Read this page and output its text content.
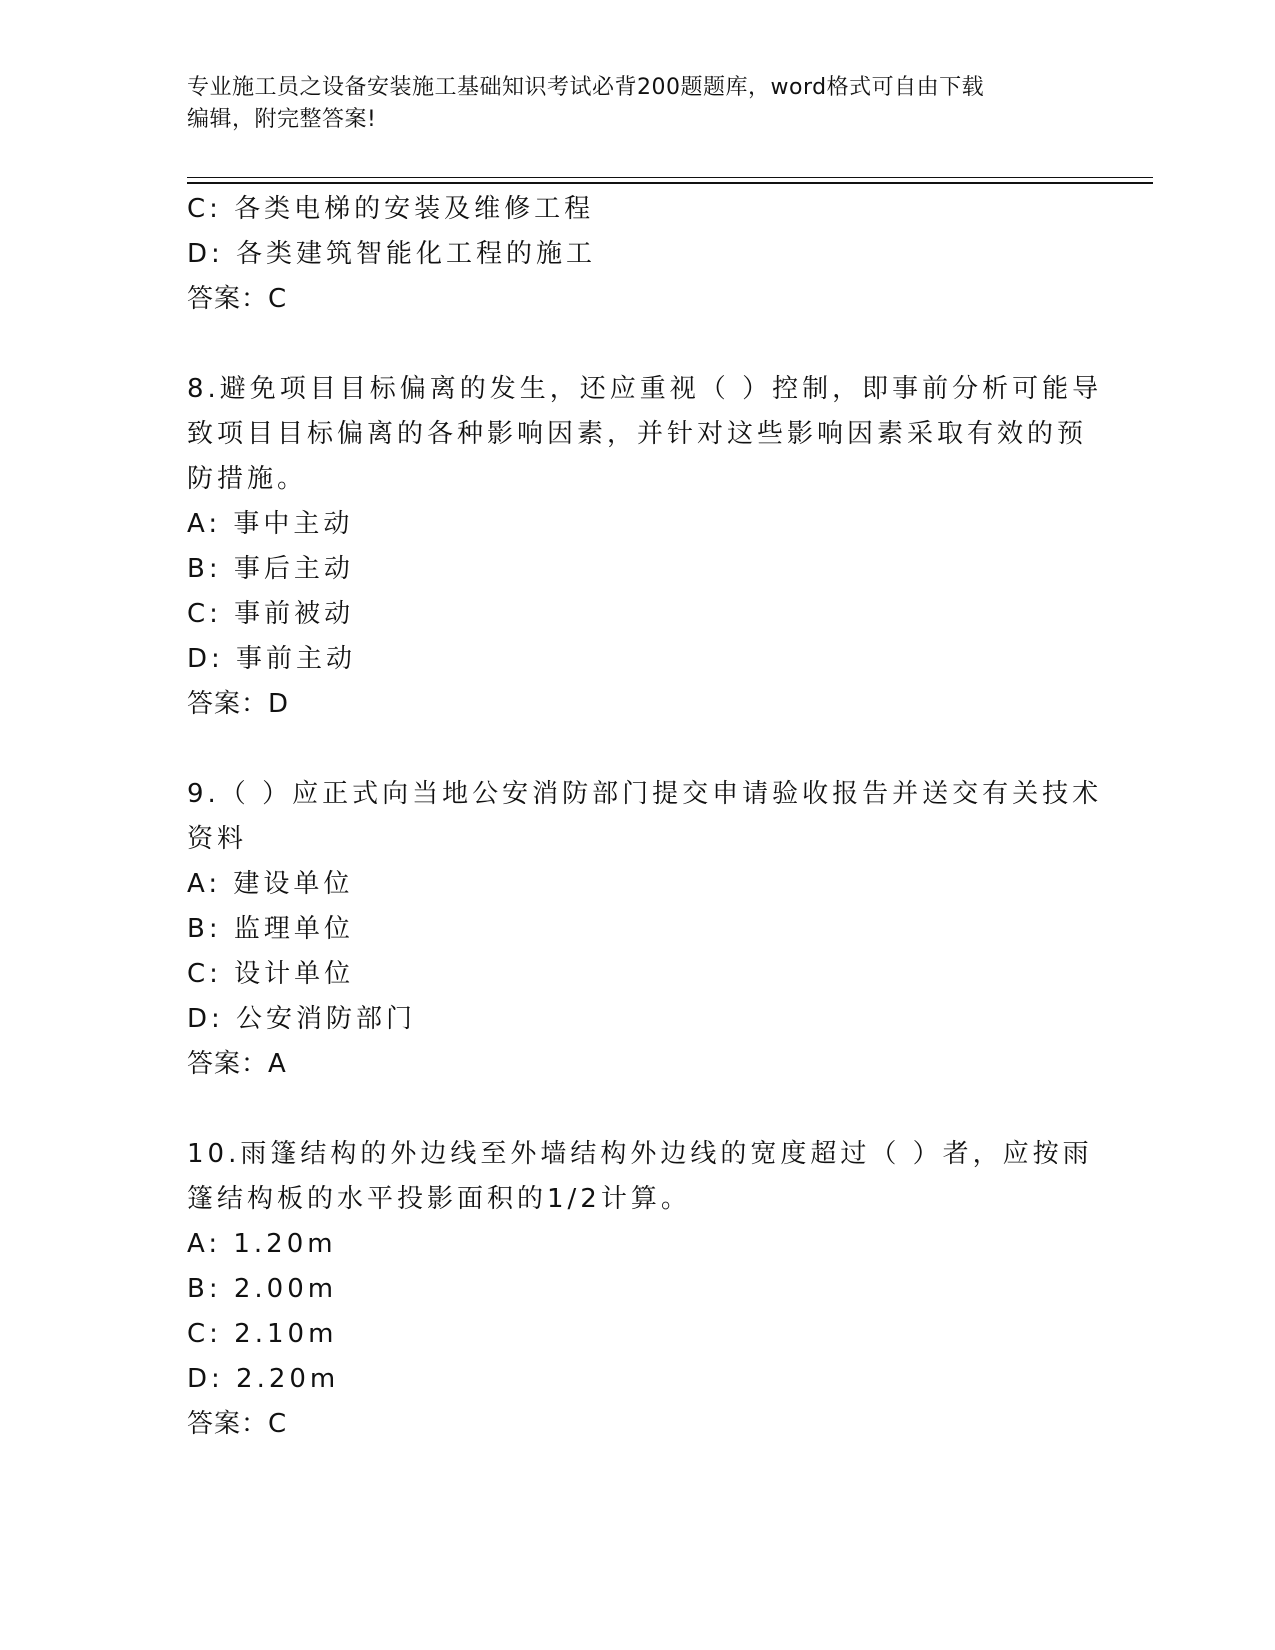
专业施工员之设备安装施工基础知识考试必背200题题库，word格式可自由下载
编辑，附完整答案!
C: 各类电梯的安装及维修工程
D: 各类建筑智能化工程的施工
答案：C
8.避免项目目标偏离的发生，还应重视（ ）控制，即事前分析可能导
致项目目标偏离的各种影响因素，并针对这些影响因素采取有效的预
防措施。
A: 事中主动
B: 事后主动
C: 事前被动
D: 事前主动
答案：D
9.（ ）应正式向当地公安消防部门提交申请验收报告并送交有关技术
资料
A: 建设单位
B: 监理单位
C: 设计单位
D: 公安消防部门
答案：A
10.雨篷结构的外边线至外墙结构外边线的宽度超过（ ）者，应按雨
篷结构板的水平投影面积的1/2计算。
A: 1.20m
B: 2.00m
C: 2.10m
D: 2.20m
答案：C
